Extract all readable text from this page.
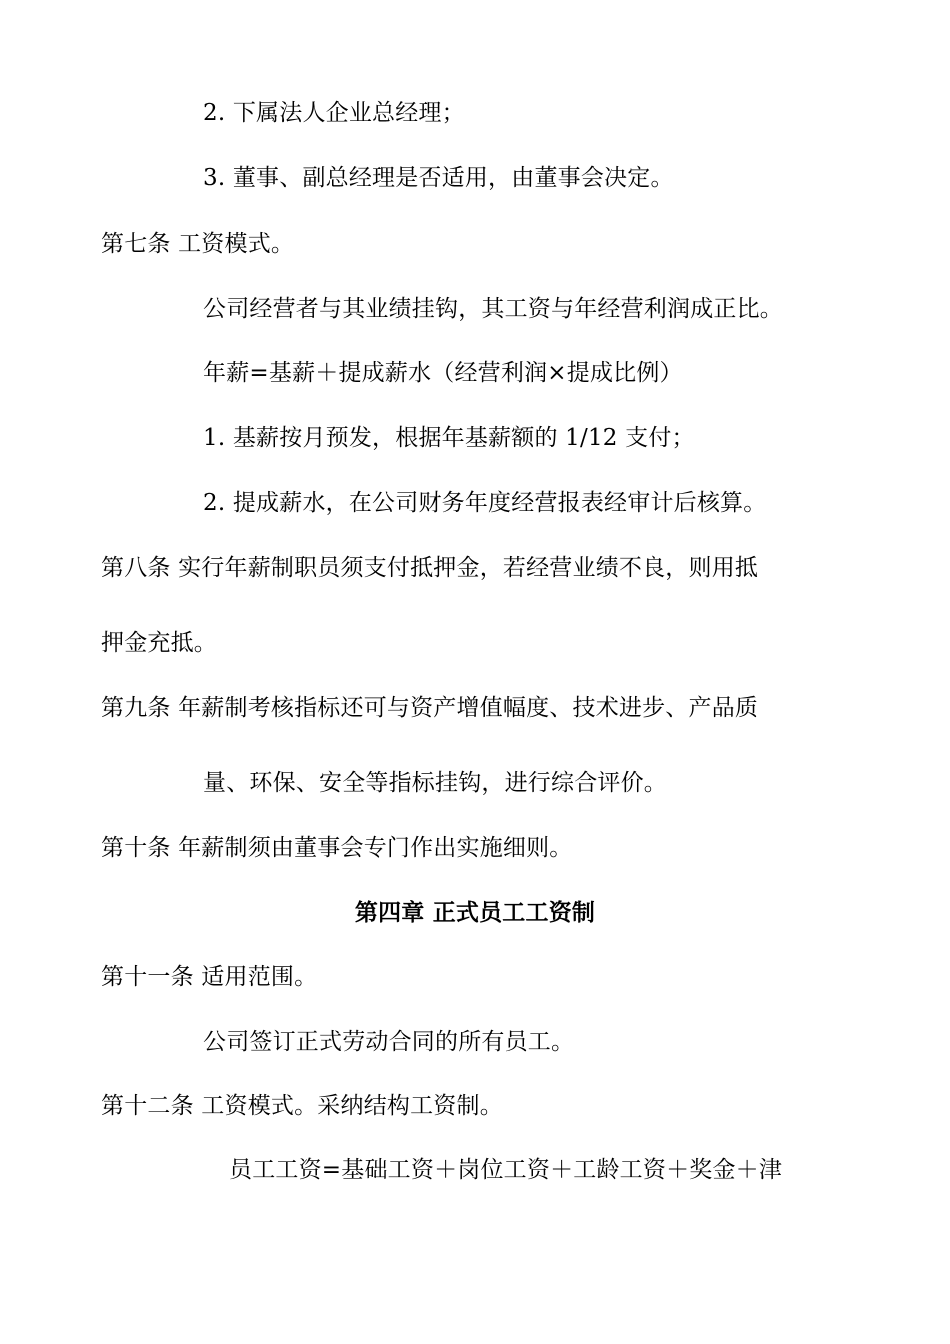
2. 下属法人企业总经理；
3. 董事、副总经理是否适用，由董事会决定。
第七条 工资模式。
公司经营者与其业绩挂钩，其工资与年经营利润成正比。
年薪=基薪＋提成薪水（经营利润×提成比例）
1. 基薪按月预发，根据年基薪额的 1/12 支付；
2. 提成薪水，在公司财务年度经营报表经审计后核算。
第八条 实行年薪制职员须支付抵押金，若经营业绩不良，则用抵
押金充抵。
第九条 年薪制考核指标还可与资产增值幅度、技术进步、产品质
量、环保、安全等指标挂钩，进行综合评价。
第十条 年薪制须由董事会专门作出实施细则。
第四章 正式员工工资制
第十一条 适用范围。
公司签订正式劳动合同的所有员工。
第十二条 工资模式。采纳结构工资制。
员工工资=基础工资＋岗位工资＋工龄工资＋奖金＋津
